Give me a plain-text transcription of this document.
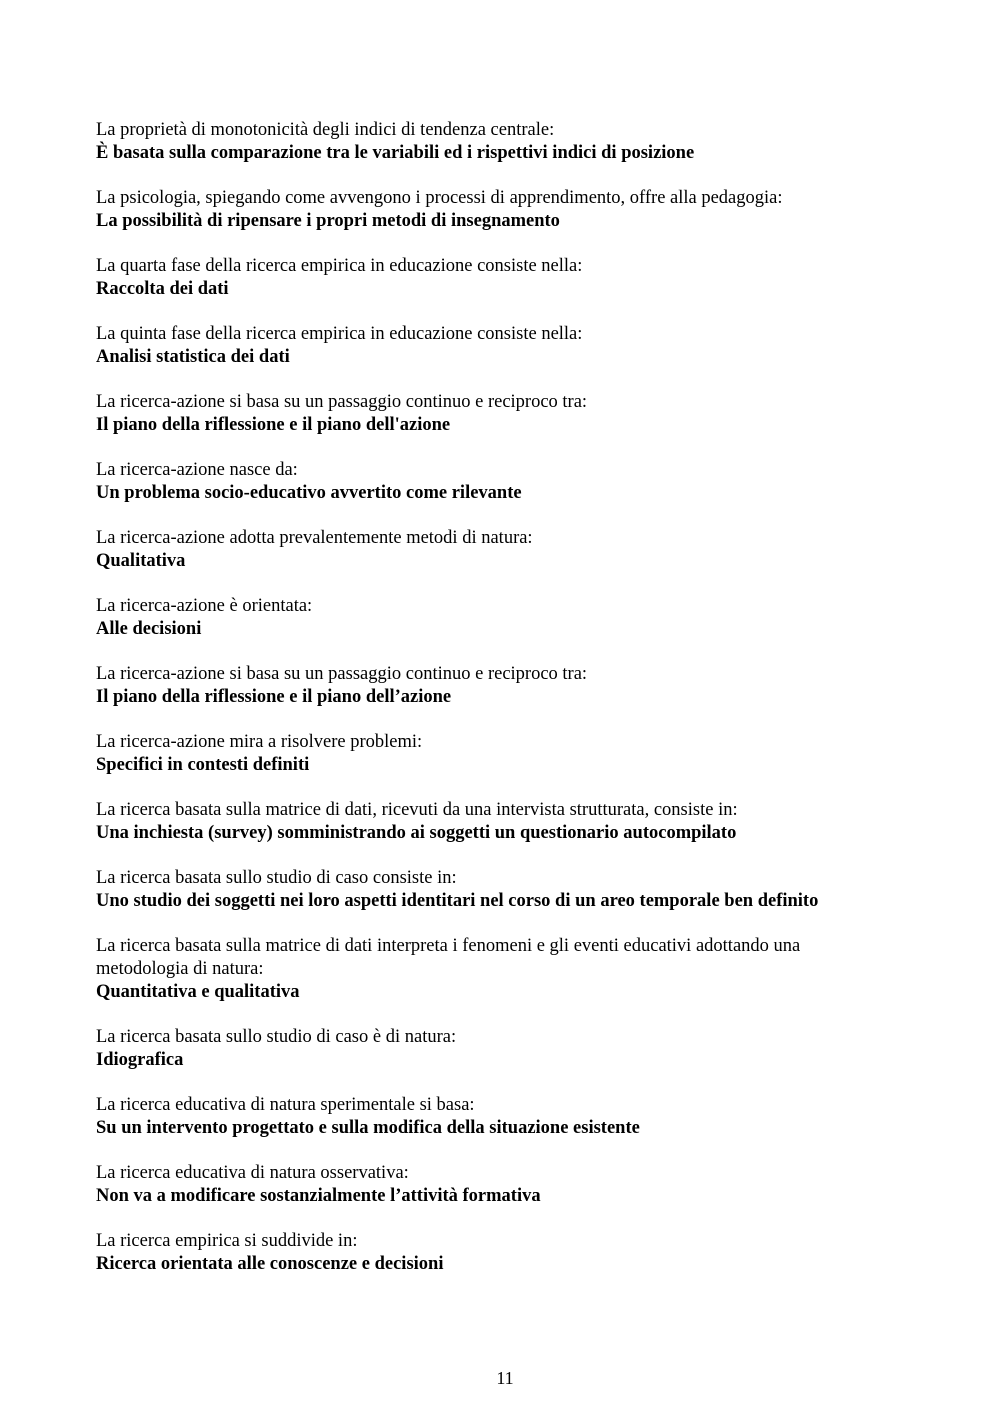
La proprietà di monotonicità degli indici di tendenza centrale:

È basata sulla comparazione tra le variabili ed i rispettivi indici di posizione

La psicologia, spiegando come avvengono i processi di apprendimento, offre alla pedagogia:

La possibilità di ripensare i propri metodi di insegnamento

La quarta fase della ricerca empirica in educazione consiste nella:

Raccolta dei dati

La quinta fase della ricerca empirica in educazione consiste nella:

Analisi statistica dei dati

La ricerca-azione si basa su un passaggio continuo e reciproco tra:

Il piano della riflessione e il piano dell'azione

La ricerca-azione nasce da:

Un problema socio-educativo avvertito come rilevante

La ricerca-azione adotta prevalentemente metodi di natura:

Qualitativa

La ricerca-azione è orientata:

Alle decisioni

La ricerca-azione si basa su un passaggio continuo e reciproco tra:

Il piano della riflessione e il piano dell’azione

La ricerca-azione mira a risolvere problemi:

Specifici in contesti definiti

La ricerca basata sulla matrice di dati, ricevuti da una intervista strutturata, consiste in:

Una inchiesta (survey) somministrando ai soggetti un questionario autocompilato

La ricerca basata sullo studio di caso consiste in:

Uno studio dei soggetti nei loro aspetti identitari nel corso di un areo temporale ben definito

La ricerca basata sulla matrice di dati interpreta i fenomeni e gli eventi educativi adottando una metodologia di natura:

Quantitativa e qualitativa

La ricerca basata sullo studio di caso è di natura:

Idiografica

La ricerca educativa di natura sperimentale si basa:

Su un intervento progettato e sulla modifica della situazione esistente

La ricerca educativa di natura osservativa:

Non va a modificare sostanzialmente l’attività formativa

La ricerca empirica si suddivide in:

Ricerca orientata alle conoscenze e decisioni

11
